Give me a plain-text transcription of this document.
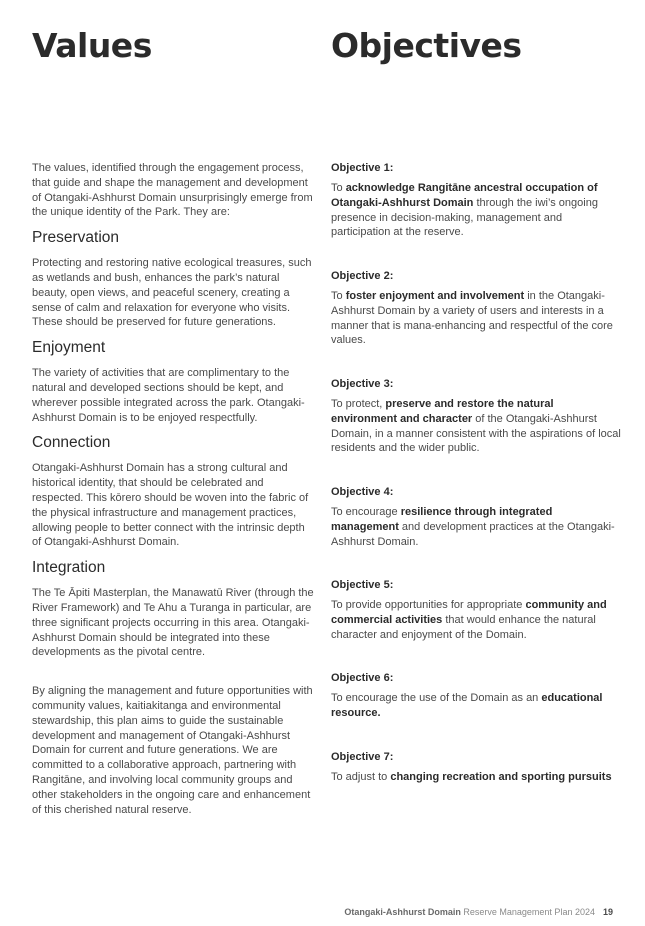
Values	Objectives

The values, identified through the engagement process, that guide and shape the management and development of Otangaki-Ashhurst Domain unsurprisingly emerge from the unique identity of the Park. They are:

Preservation

Protecting and restoring native ecological treasures, such as wetlands and bush, enhances the park’s natural beauty, open views, and peaceful scenery, creating a sense of calm and relaxation for everyone who visits. These should be preserved for future generations.

Enjoyment

The variety of activities that are complimentary to the natural and developed sections should be kept, and wherever possible integrated across the park. Otangaki-Ashhurst Domain is to be enjoyed respectfully.

Connection

Otangaki-Ashhurst Domain has a strong cultural and historical identity, that should be celebrated and respected. This kōrero should be woven into the fabric of the physical infrastructure and management practices, allowing people to better connect with the intrinsic depth of Otangaki-Ashhurst Domain.

Integration

The Te Āpiti Masterplan, the Manawatū River (through the River Framework) and Te Ahu a Turanga in particular, are three significant projects occurring in this area. Otangaki-Ashhurst Domain should be integrated into these developments as the pivotal centre.

By aligning the management and future opportunities with community values, kaitiakitanga and environmental stewardship, this plan aims to guide the sustainable development and management of Otangaki-Ashhurst Domain for current and future generations. We are committed to a collaborative approach, partnering with Rangitāne, and involving local community groups and other stakeholders in the ongoing care and enhancement of this cherished natural reserve.

Objective 1:

To acknowledge Rangitāne ancestral occupation of Otangaki-Ashhurst Domain through the iwi’s ongoing presence in decision-making, management and participation at the reserve.

Objective 2:

To foster enjoyment and involvement in the Otangaki-Ashhurst Domain by a variety of users and interests in a manner that is mana-enhancing and respectful of the core values.

Objective 3:

To protect, preserve and restore the natural environment and character of the Otangaki-Ashhurst Domain, in a manner consistent with the aspirations of local residents and the wider public.

Objective 4:

To encourage resilience through integrated management and development practices at the Otangaki-Ashhurst Domain.

Objective 5:

To provide opportunities for appropriate community and commercial activities that would enhance the natural character and enjoyment of the Domain.

Objective 6:

To encourage the use of the Domain as an educational resource.

Objective 7:

To adjust to changing recreation and sporting pursuits

Otangaki-Ashhurst Domain Reserve Management Plan 2024 19
